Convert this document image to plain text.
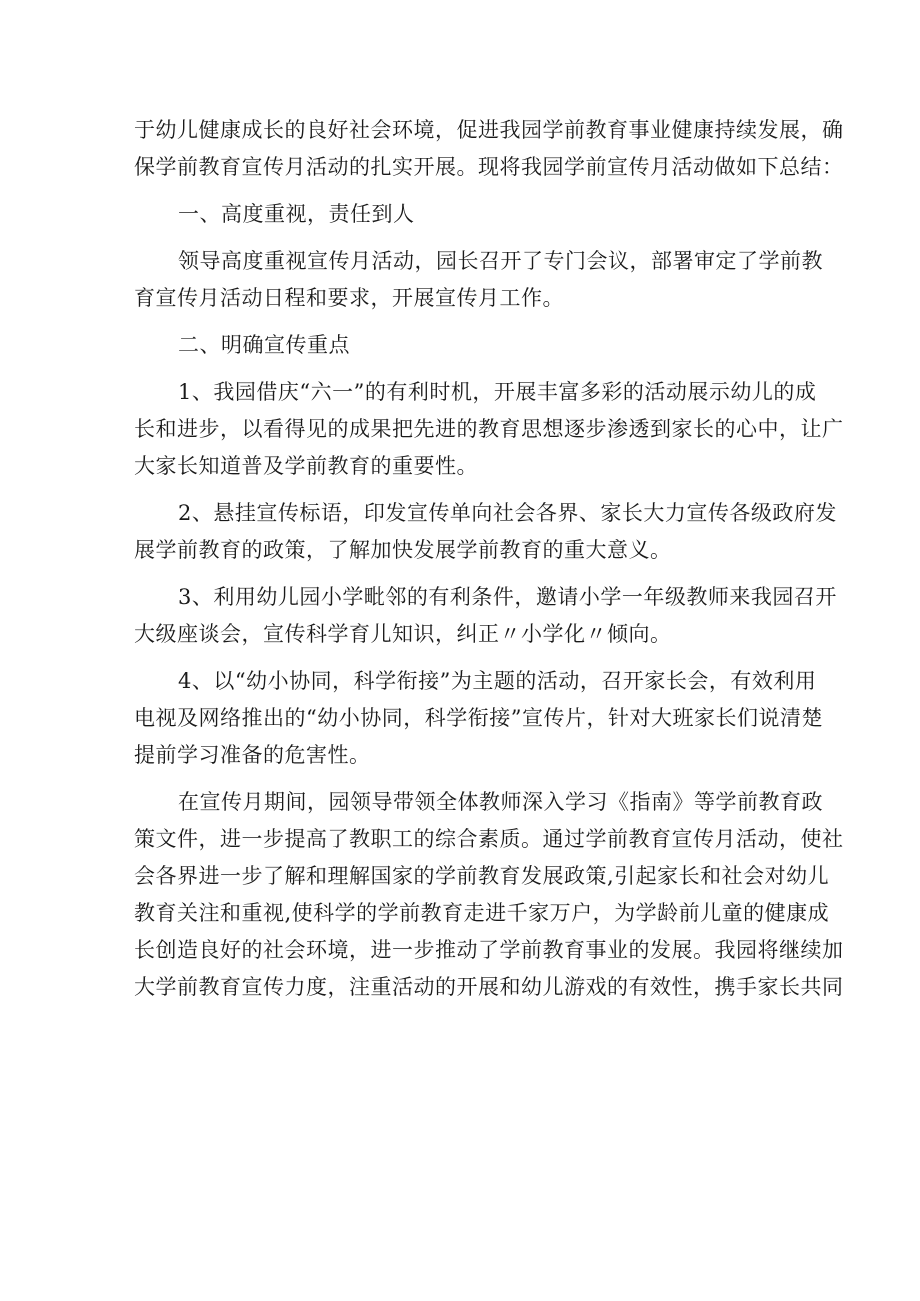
于幼儿健康成长的良好社会环境，促进我园学前教育事业健康持续发展，确
保学前教育宣传月活动的扎实开展。现将我园学前宣传月活动做如下总结：
一、高度重视，责任到人
领导高度重视宣传月活动，园长召开了专门会议，部署审定了学前教
育宣传月活动日程和要求，开展宣传月工作。
二、明确宣传重点
1、我园借庆“六一”的有利时机，开展丰富多彩的活动展示幼儿的成
长和进步，以看得见的成果把先进的教育思想逐步渗透到家长的心中，让广
大家长知道普及学前教育的重要性。
2、悬挂宣传标语，印发宣传单向社会各界、家长大力宣传各级政府发
展学前教育的政策，了解加快发展学前教育的重大意义。
3、利用幼儿园小学毗邻的有利条件，邀请小学一年级教师来我园召开
大级座谈会，宣传科学育儿知识，纠正〃小学化〃倾向。
4、以“幼小协同，科学衔接”为主题的活动，召开家长会，有效利用
电视及网络推出的“幼小协同，科学衔接”宣传片，针对大班家长们说清楚
提前学习准备的危害性。
在宣传月期间，园领导带领全体教师深入学习《指南》等学前教育政
策文件，进一步提高了教职工的综合素质。通过学前教育宣传月活动，使社
会各界进一步了解和理解国家的学前教育发展政策,引起家长和社会对幼儿
教育关注和重视,使科学的学前教育走进千家万户，为学龄前儿童的健康成
长创造良好的社会环境，进一步推动了学前教育事业的发展。我园将继续加
大学前教育宣传力度，注重活动的开展和幼儿游戏的有效性，携手家长共同
